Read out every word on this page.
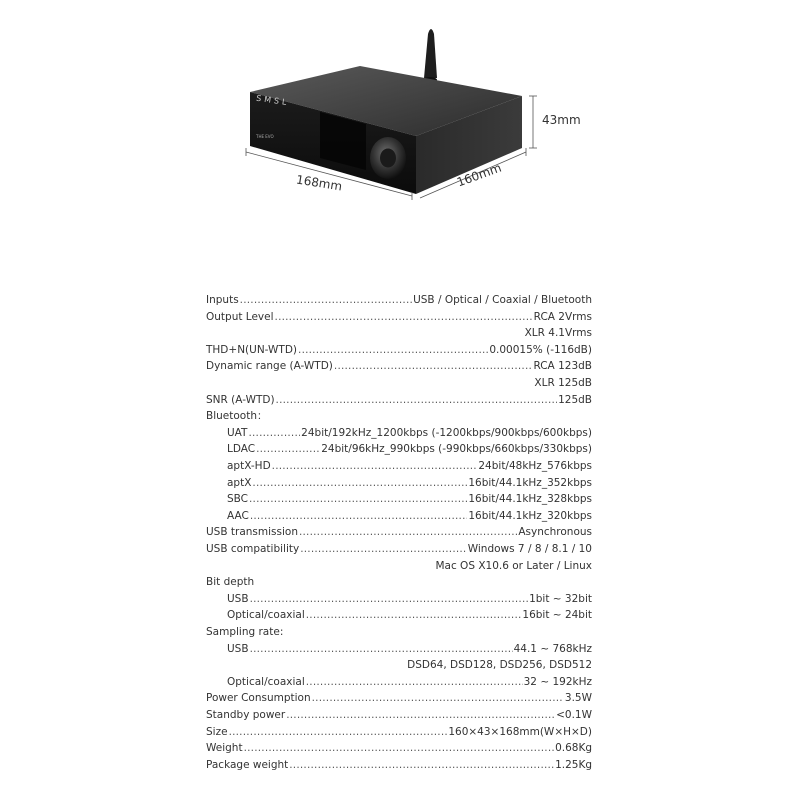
THE EVO
SMSL
168mm	160mm
43mm
Inputs .....	USB / Optical / Coaxial / Bluetooth
Output Level .....	RCA 2Vrms
XLR 4.1Vrms
THD+N(UN-WTD) .....	0.00015% (-116dB)
Dynamic range (A-WTD) .....	RCA 123dB
XLR 125dB
SNR (A-WTD) .....	125dB
Bluetooth：
UAT .....	24bit/192kHz_1200kbps (-1200kbps/900kbps/600kbps)
LDAC .....	24bit/96kHz_990kbps (-990kbps/660kbps/330kbps)
aptX-HD .....	24bit/48kHz_576kbps
aptX .....	16bit/44.1kHz_352kbps
SBC .....	16bit/44.1kHz_328kbps
AAC .....	16bit/44.1kHz_320kbps
USB transmission .....	Asynchronous
USB compatibility .....	Windows 7 / 8 / 8.1 / 10
Mac OS X10.6 or Later / Linux
Bit depth
USB .....	1bit ~ 32bit
Optical/coaxial .....	16bit ~ 24bit
Sampling rate:
USB .....	44.1 ~ 768kHz
DSD64, DSD128, DSD256, DSD512
Optical/coaxial .....	32 ~ 192kHz
Power Consumption .....	3.5W
Standby power .....	<0.1W
Size .....	160×43×168mm(W×H×D)
Weight .....	0.68Kg
Package weight .....	1.25Kg
